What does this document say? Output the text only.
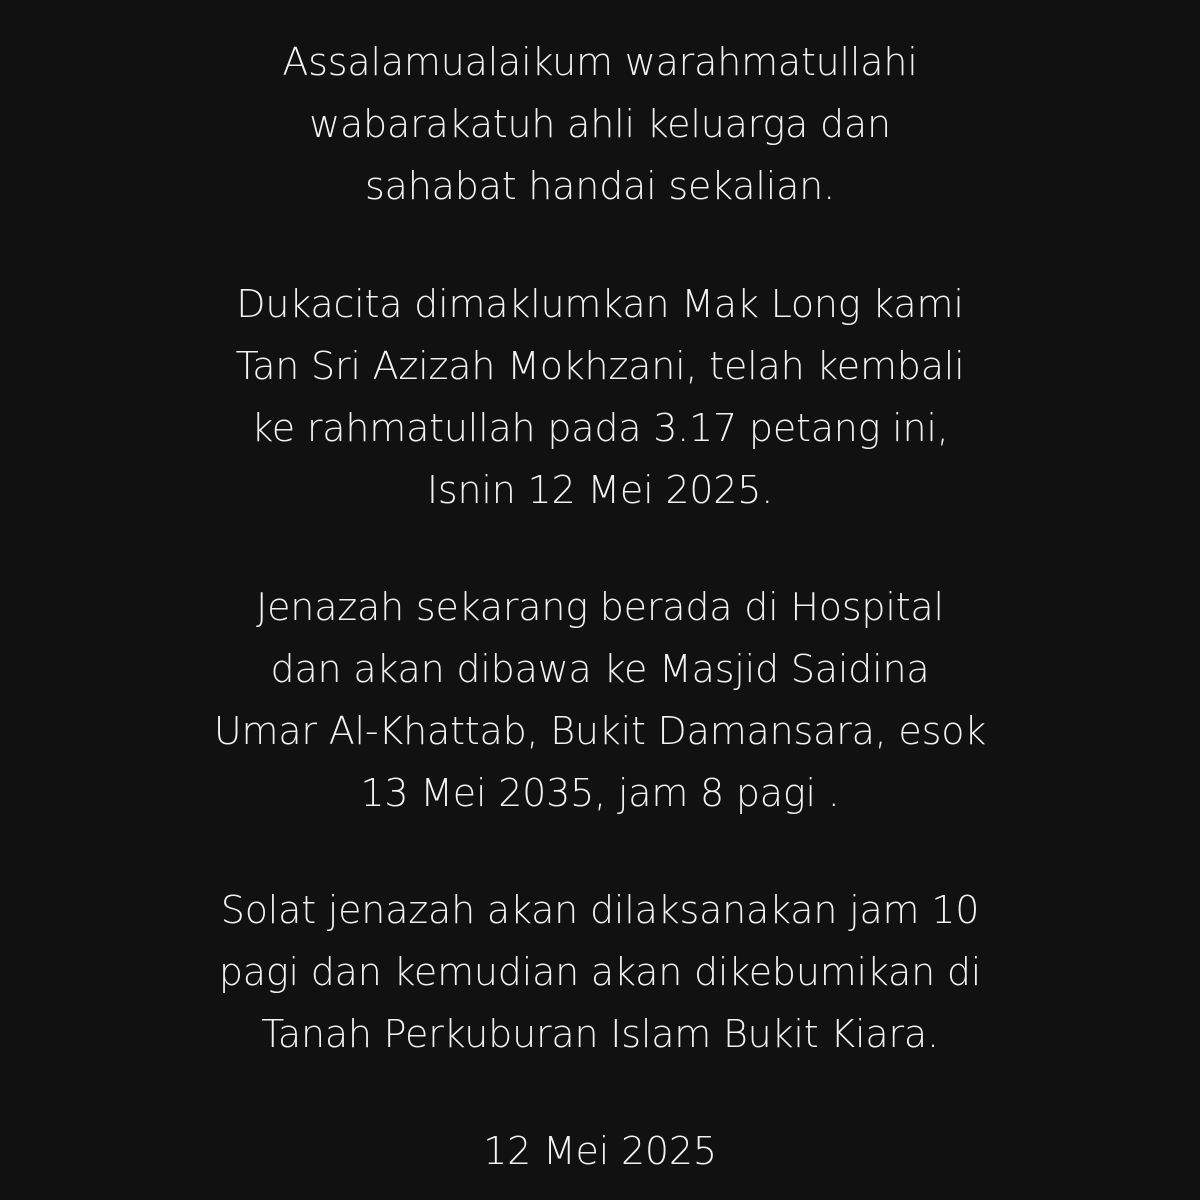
Assalamualaikum warahmatullahi
wabarakatuh ahli keluarga dan
sahabat handai sekalian.
Dukacita dimaklumkan Mak Long kami
Tan Sri Azizah Mokhzani, telah kembali
ke rahmatullah pada 3.17 petang ini,
Isnin 12 Mei 2025.
Jenazah sekarang berada di Hospital
dan akan dibawa ke Masjid Saidina
Umar Al-Khattab, Bukit Damansara, esok
13 Mei 2035, jam 8 pagi .
Solat jenazah akan dilaksanakan jam 10
pagi dan kemudian akan dikebumikan di
Tanah Perkuburan Islam Bukit Kiara.
12 Mei 2025
